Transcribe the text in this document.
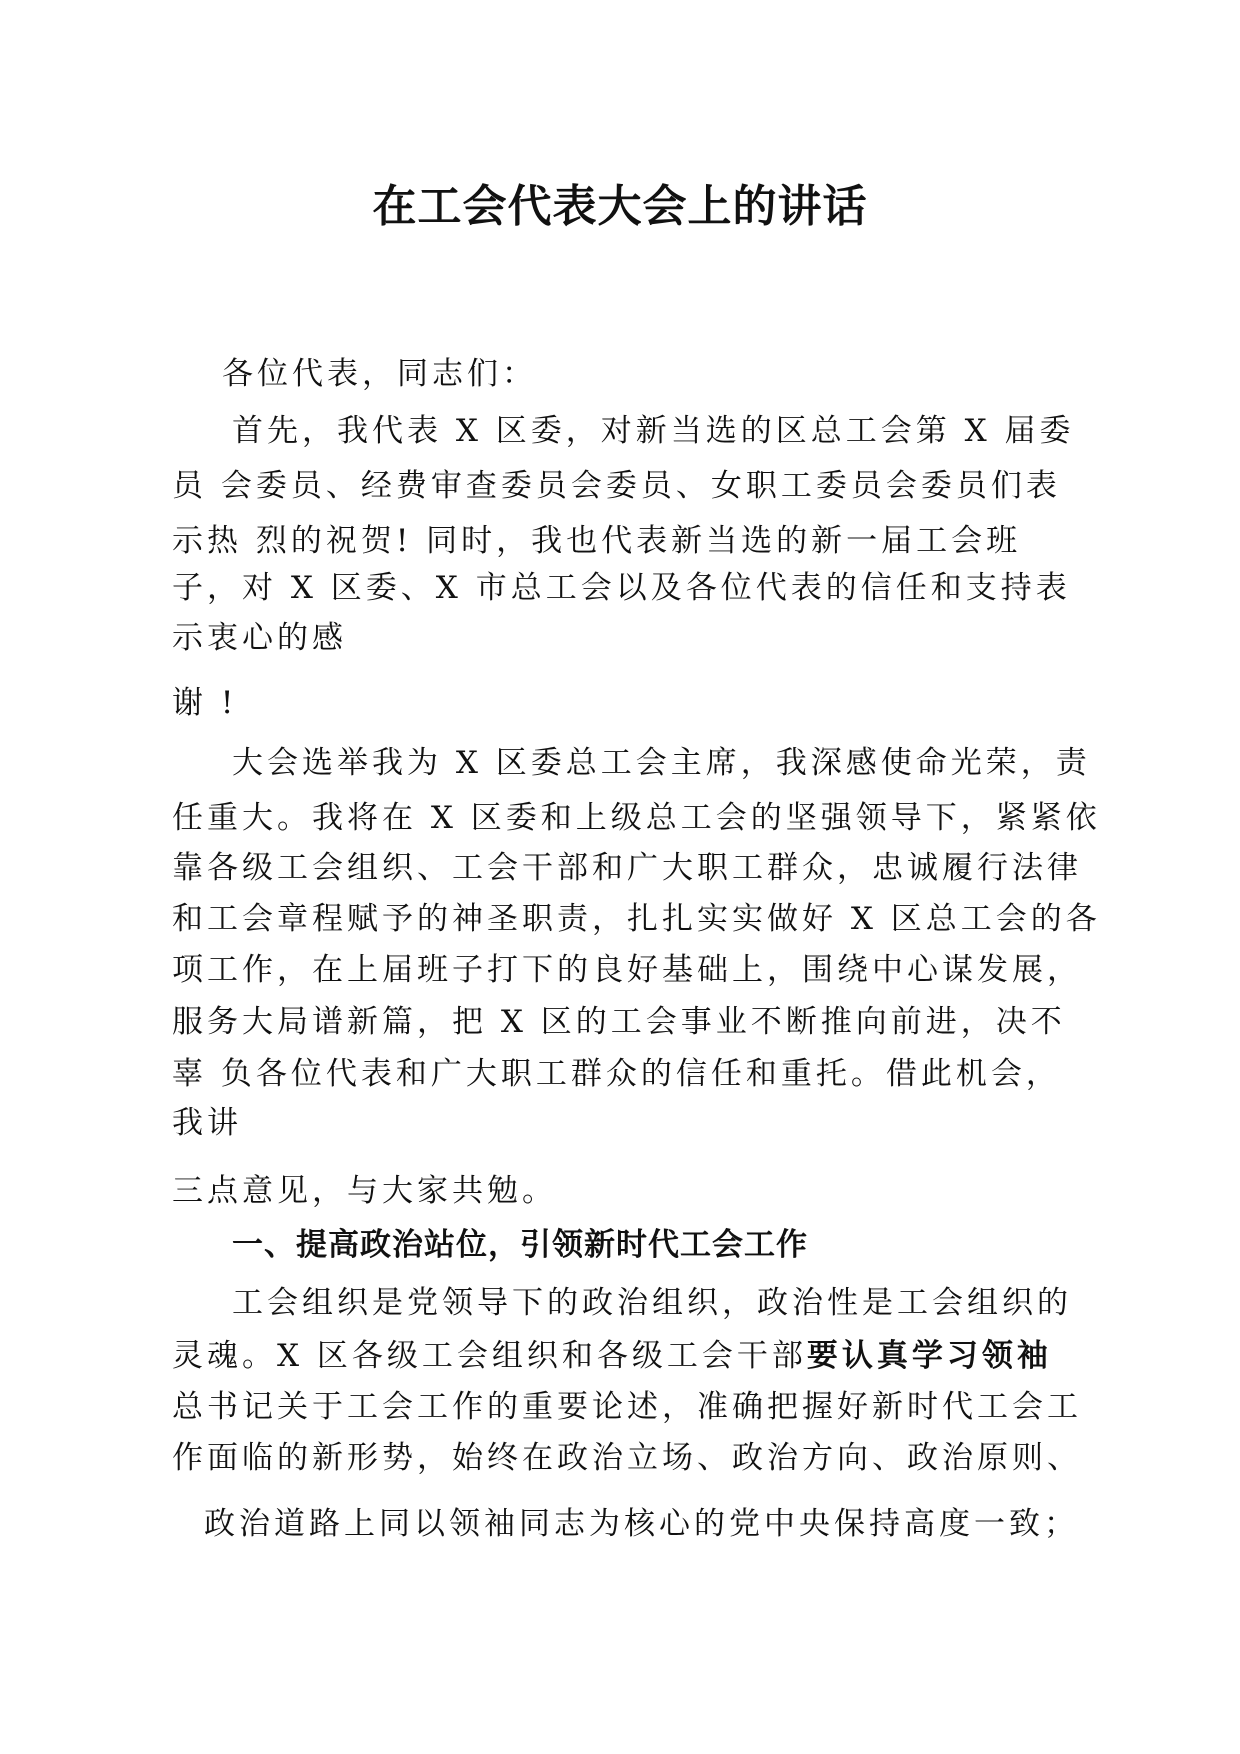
在工会代表大会上的讲话
各位代表，同志们：
首先，我代表 X 区委，对新当选的区总工会第 X 届委
员 会委员、经费审查委员会委员、女职工委员会委员们表
示热 烈的祝贺! 同时，我也代表新当选的新一届工会班
子，对 X 区委、X 市总工会以及各位代表的信任和支持表
示衷心的感
谢 !
大会选举我为 X 区委总工会主席，我深感使命光荣，责
任重大。我将在 X 区委和上级总工会的坚强领导下，紧紧依
靠各级工会组织、工会干部和广大职工群众，忠诚履行法律
和工会章程赋予的神圣职责，扎扎实实做好 X 区总工会的各
项工作，在上届班子打下的良好基础上，围绕中心谋发展，
服务大局谱新篇，把 X 区的工会事业不断推向前进，决不
辜 负各位代表和广大职工群众的信任和重托。借此机会，
我讲
三点意见，与大家共勉。
一、提高政治站位，引领新时代工会工作
工会组织是党领导下的政治组织，政治性是工会组织的
灵魂。X 区各级工会组织和各级工会干部要认真学习领袖
总书记关于工会工作的重要论述，准确把握好新时代工会工
作面临的新形势，始终在政治立场、政治方向、政治原则、
政治道路上同以领袖同志为核心的党中央保持高度一致；
